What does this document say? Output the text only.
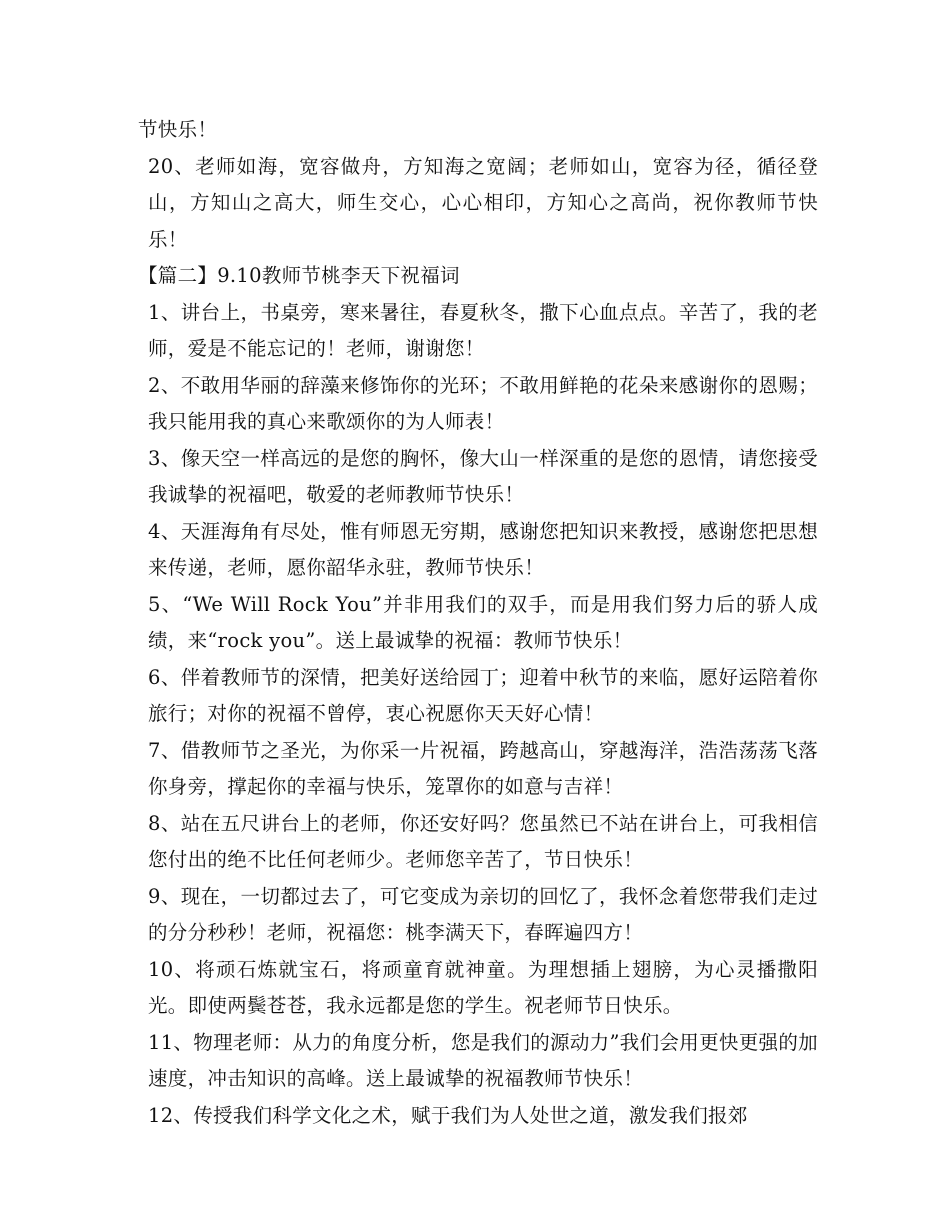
节快乐！

20、老师如海，宽容做舟，方知海之宽阔；老师如山，宽容为径，循径登山，方知山之高大，师生交心，心心相印，方知心之高尚，祝你教师节快乐！

【篇二】9.10教师节桃李天下祝福词

1、讲台上，书桌旁，寒来暑往，春夏秋冬，撒下心血点点。辛苦了，我的老师，爱是不能忘记的！老师，谢谢您！

2、不敢用华丽的辞藻来修饰你的光环；不敢用鲜艳的花朵来感谢你的恩赐；我只能用我的真心来歌颂你的为人师表！

3、像天空一样高远的是您的胸怀，像大山一样深重的是您的恩情，请您接受我诚挚的祝福吧，敬爱的老师教师节快乐！

4、天涯海角有尽处，惟有师恩无穷期，感谢您把知识来教授，感谢您把思想来传递，老师，愿你韶华永驻，教师节快乐！

5、“We Will Rock You”并非用我们的双手，而是用我们努力后的骄人成绩，来“rock you”。送上最诚挚的祝福：教师节快乐！

6、伴着教师节的深情，把美好送给园丁；迎着中秋节的来临，愿好运陪着你旅行；对你的祝福不曾停，衷心祝愿你天天好心情！

7、借教师节之圣光，为你采一片祝福，跨越高山，穿越海洋，浩浩荡荡飞落你身旁，撑起你的幸福与快乐，笼罩你的如意与吉祥！

8、站在五尺讲台上的老师，你还安好吗？您虽然已不站在讲台上，可我相信您付出的绝不比任何老师少。老师您辛苦了，节日快乐！

9、现在，一切都过去了，可它变成为亲切的回忆了，我怀念着您带我们走过的分分秒秒！老师，祝福您：桃李满天下，春晖遍四方！

10、将顽石炼就宝石，将顽童育就神童。为理想插上翅膀，为心灵播撒阳光。即使两鬓苍苍，我永远都是您的学生。祝老师节日快乐。

11、物理老师：从力的角度分析，您是我们的源动力”我们会用更快更强的加速度，冲击知识的高峰。送上最诚挚的祝福教师节快乐！

12、传授我们科学文化之术，赋于我们为人处世之道，激发我们报郊
